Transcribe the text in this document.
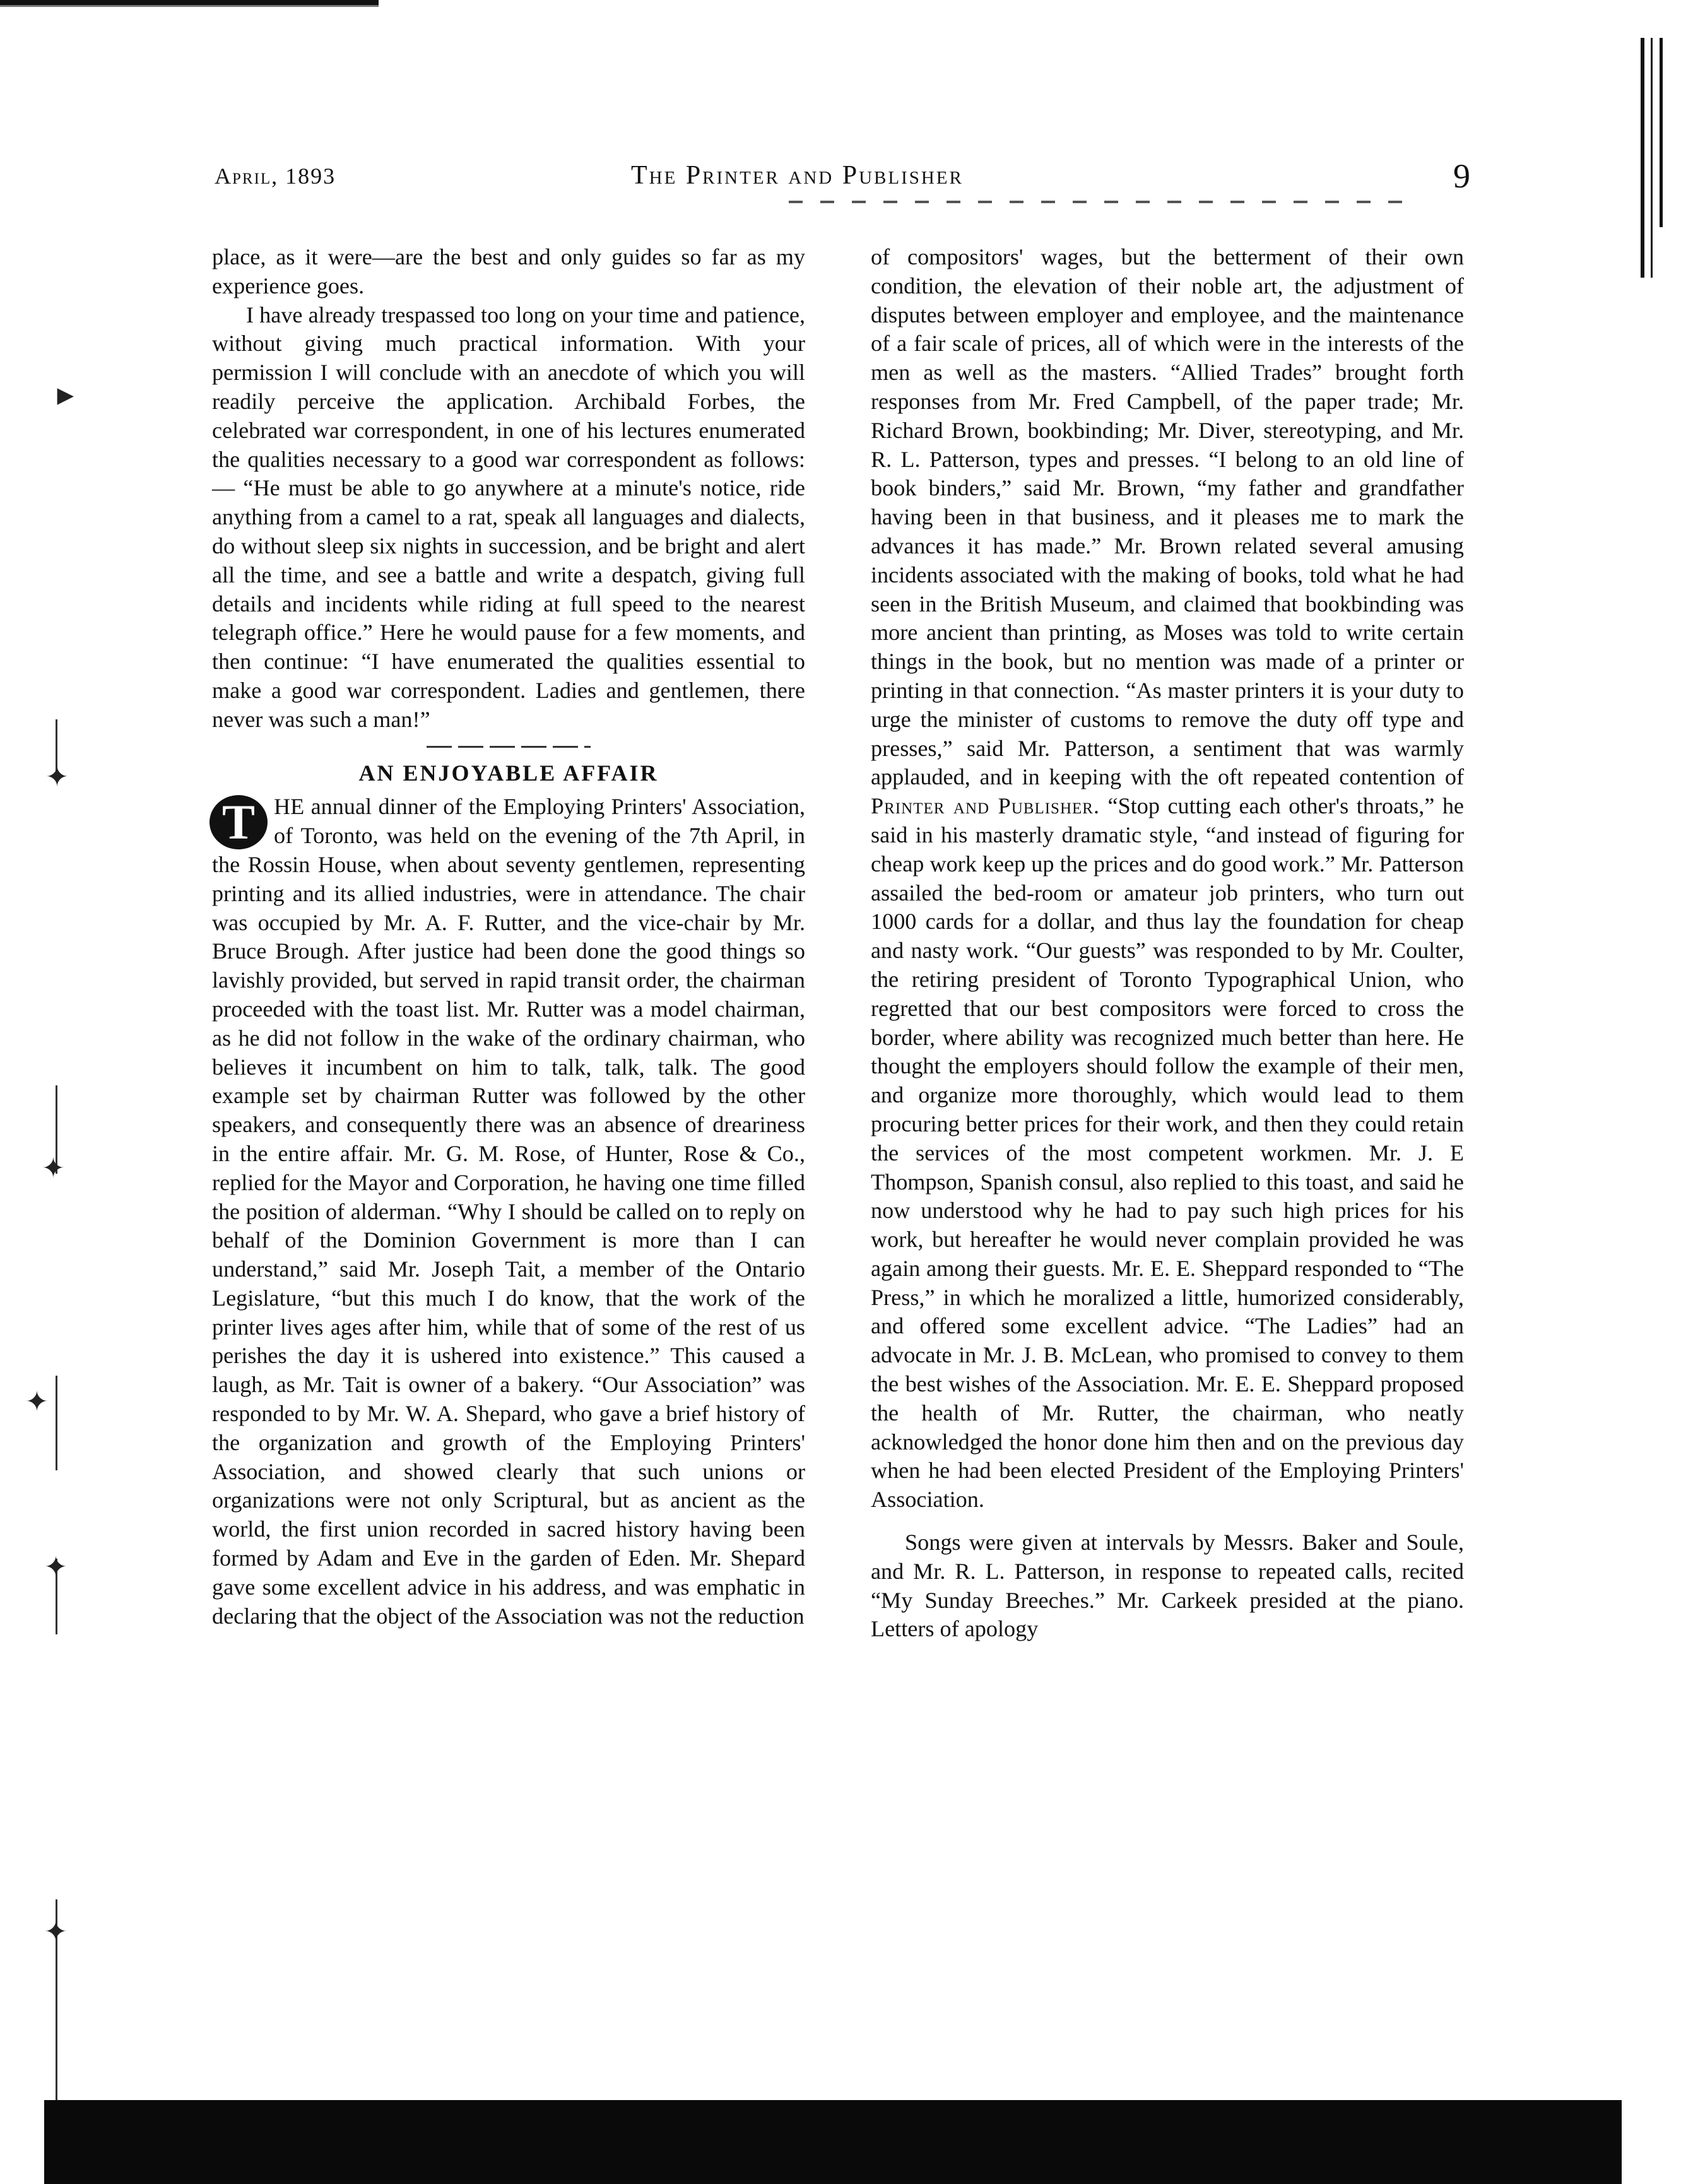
►
✦
✦
✦
✦
✦
April, 1893	The Printer and Publisher	9

place, as it were—are the best and only guides so far as my experience goes.

I have already trespassed too long on your time and patience, without giving much practical information. With your permission I will conclude with an anecdote of which you will readily perceive the application. Archibald Forbes, the celebrated war correspondent, in one of his lectures enumerated the qualities necessary to a good war correspondent as follows:— “He must be able to go anywhere at a minute's notice, ride anything from a camel to a rat, speak all languages and dialects, do without sleep six nights in succession, and be bright and alert all the time, and see a battle and write a despatch, giving full details and incidents while riding at full speed to the nearest telegraph office.” Here he would pause for a few moments, and then continue: “I have enumerated the qualities essential to make a good war correspondent. Ladies and gentlemen, there never was such a man!”

AN ENJOYABLE AFFAIR

T HE annual dinner of the Employing Printers' Association, of Toronto, was held on the evening of the 7th April, in the Rossin House, when about seventy gentlemen, representing printing and its allied industries, were in attendance. The chair was occupied by Mr. A. F. Rutter, and the vice-chair by Mr. Bruce Brough. After justice had been done the good things so lavishly provided, but served in rapid transit order, the chairman proceeded with the toast list. Mr. Rutter was a model chairman, as he did not follow in the wake of the ordinary chairman, who believes it incumbent on him to talk, talk, talk. The good example set by chairman Rutter was followed by the other speakers, and consequently there was an absence of dreariness in the entire affair. Mr. G. M. Rose, of Hunter, Rose & Co., replied for the Mayor and Corporation, he having one time filled the position of alderman. “Why I should be called on to reply on behalf of the Dominion Government is more than I can understand,” said Mr. Joseph Tait, a member of the Ontario Legislature, “but this much I do know, that the work of the printer lives ages after him, while that of some of the rest of us perishes the day it is ushered into existence.” This caused a laugh, as Mr. Tait is owner of a bakery. “Our Association” was responded to by Mr. W. A. Shepard, who gave a brief history of the organization and growth of the Employing Printers' Association, and showed clearly that such unions or organizations were not only Scriptural, but as ancient as the world, the first union recorded in sacred history having been formed by Adam and Eve in the garden of Eden. Mr. Shepard gave some excellent advice in his address, and was emphatic in declaring that the object of the Association was not the reduction

of compositors' wages, but the betterment of their own condition, the elevation of their noble art, the adjustment of disputes between employer and employee, and the maintenance of a fair scale of prices, all of which were in the interests of the men as well as the masters. “Allied Trades” brought forth responses from Mr. Fred Campbell, of the paper trade; Mr. Richard Brown, bookbinding; Mr. Diver, stereotyping, and Mr. R. L. Patterson, types and presses. “I belong to an old line of book binders,” said Mr. Brown, “my father and grandfather having been in that business, and it pleases me to mark the advances it has made.” Mr. Brown related several amusing incidents associated with the making of books, told what he had seen in the British Museum, and claimed that bookbinding was more ancient than printing, as Moses was told to write certain things in the book, but no mention was made of a printer or printing in that connection. “As master printers it is your duty to urge the minister of customs to remove the duty off type and presses,” said Mr. Patterson, a sentiment that was warmly applauded, and in keeping with the oft repeated contention of Printer and Publisher. “Stop cutting each other's throats,” he said in his masterly dramatic style, “and instead of figuring for cheap work keep up the prices and do good work.” Mr. Patterson assailed the bed-room or amateur job printers, who turn out 1000 cards for a dollar, and thus lay the foundation for cheap and nasty work. “Our guests” was responded to by Mr. Coulter, the retiring president of Toronto Typographical Union, who regretted that our best compositors were forced to cross the border, where ability was recognized much better than here. He thought the employers should follow the example of their men, and organize more thoroughly, which would lead to them procuring better prices for their work, and then they could retain the services of the most competent workmen. Mr. J. E Thompson, Spanish consul, also replied to this toast, and said he now understood why he had to pay such high prices for his work, but hereafter he would never complain provided he was again among their guests. Mr. E. E. Sheppard responded to “The Press,” in which he moralized a little, humorized considerably, and offered some excellent advice. “The Ladies” had an advocate in Mr. J. B. McLean, who promised to convey to them the best wishes of the Association. Mr. E. E. Sheppard proposed the health of Mr. Rutter, the chairman, who neatly acknowledged the honor done him then and on the previous day when he had been elected President of the Employing Printers' Association.

Songs were given at intervals by Messrs. Baker and Soule, and Mr. R. L. Patterson, in response to repeated calls, recited “My Sunday Breeches.” Mr. Carkeek presided at the piano. Letters of apology
